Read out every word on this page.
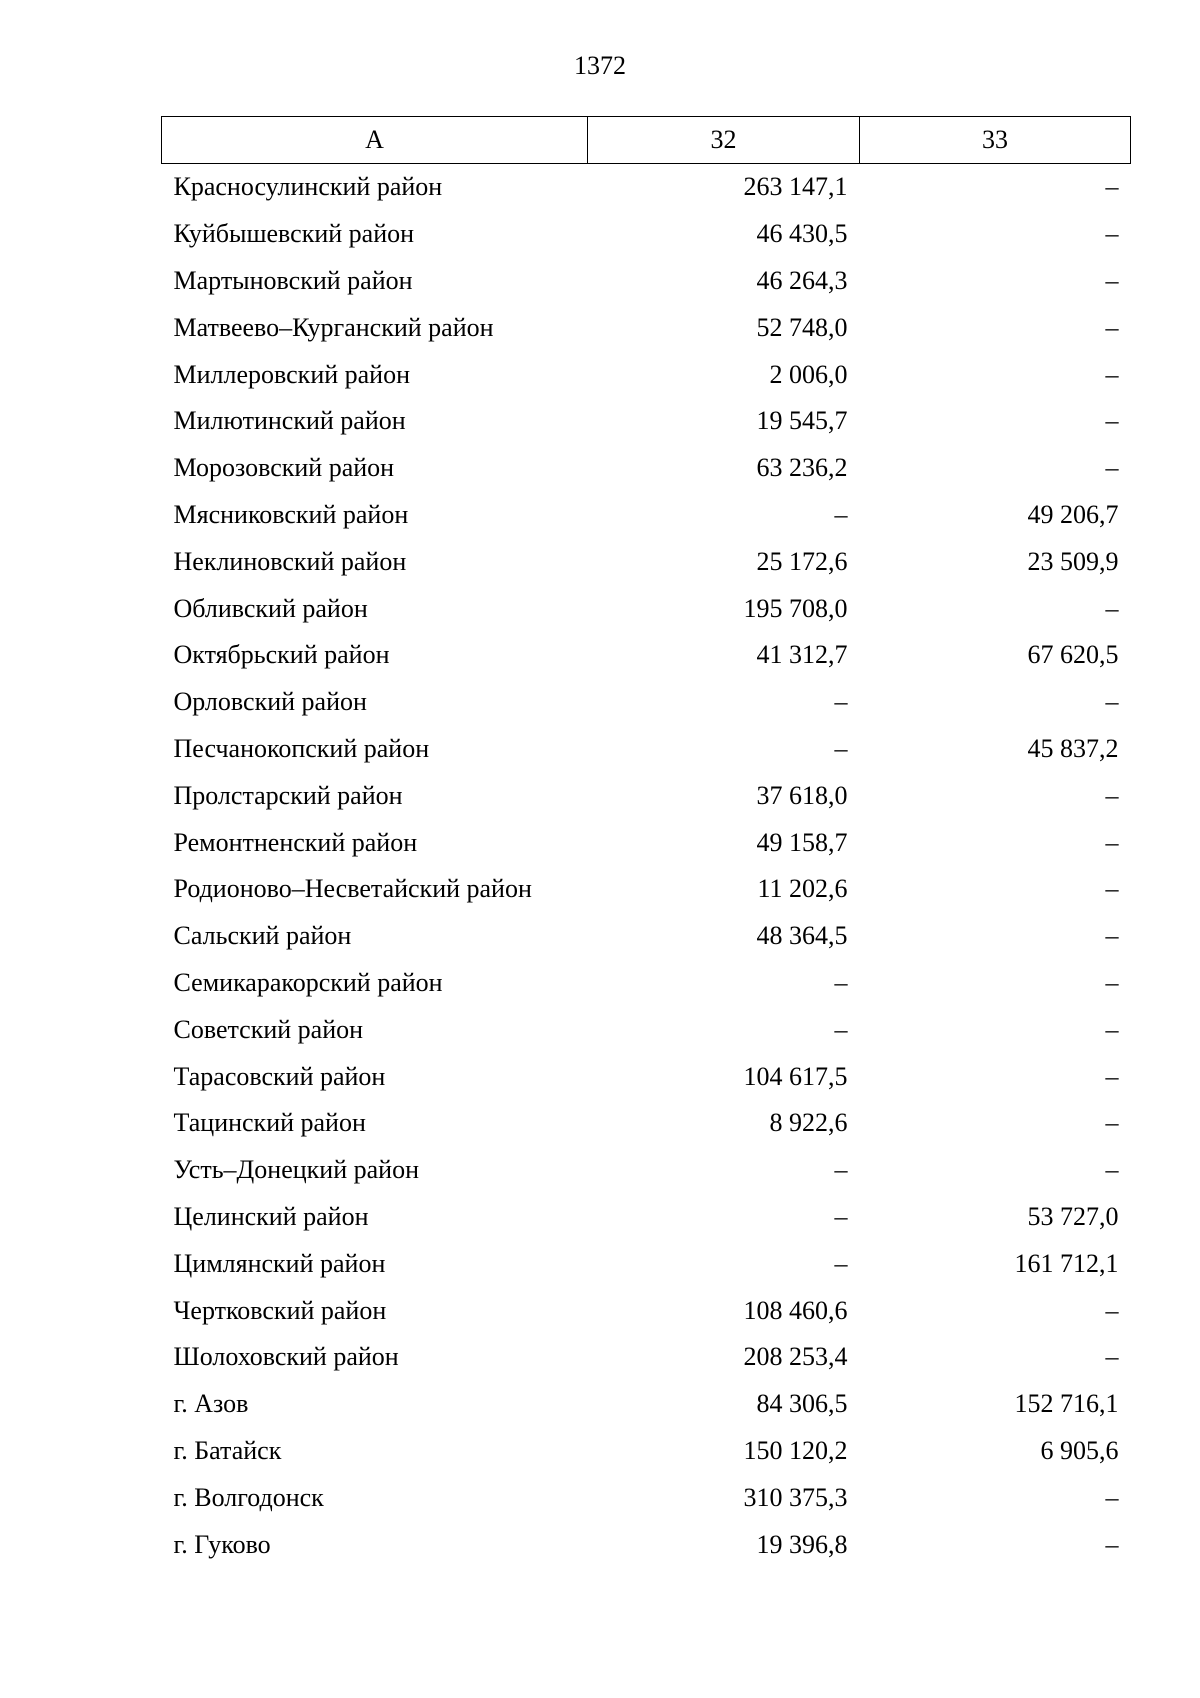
1372
А	32	33
Красносулинский район	263 147,1	–
Куйбышевский район	46 430,5	–
Мартыновский район	46 264,3	–
Матвеево–Курганский район	52 748,0	–
Миллеровский район	2 006,0	–
Милютинский район	19 545,7	–
Морозовский район	63 236,2	–
Мясниковский район	–	49 206,7
Неклиновский район	25 172,6	23 509,9
Обливский район	195 708,0	–
Октябрьский район	41 312,7	67 620,5
Орловский район	–	–
Песчанокопский район	–	45 837,2
Пролстарский район	37 618,0	–
Ремонтненский район	49 158,7	–
Родионово–Несветайский район	11 202,6	–
Сальский район	48 364,5	–
Семикаракорский район	–	–
Советский район	–	–
Тарасовский район	104 617,5	–
Тацинский район	8 922,6	–
Усть–Донецкий район	–	–
Целинский район	–	53 727,0
Цимлянский район	–	161 712,1
Чертковский район	108 460,6	–
Шолоховский район	208 253,4	–
г. Азов	84 306,5	152 716,1
г. Батайск	150 120,2	6 905,6
г. Волгодонск	310 375,3	–
г. Гуково	19 396,8	–
